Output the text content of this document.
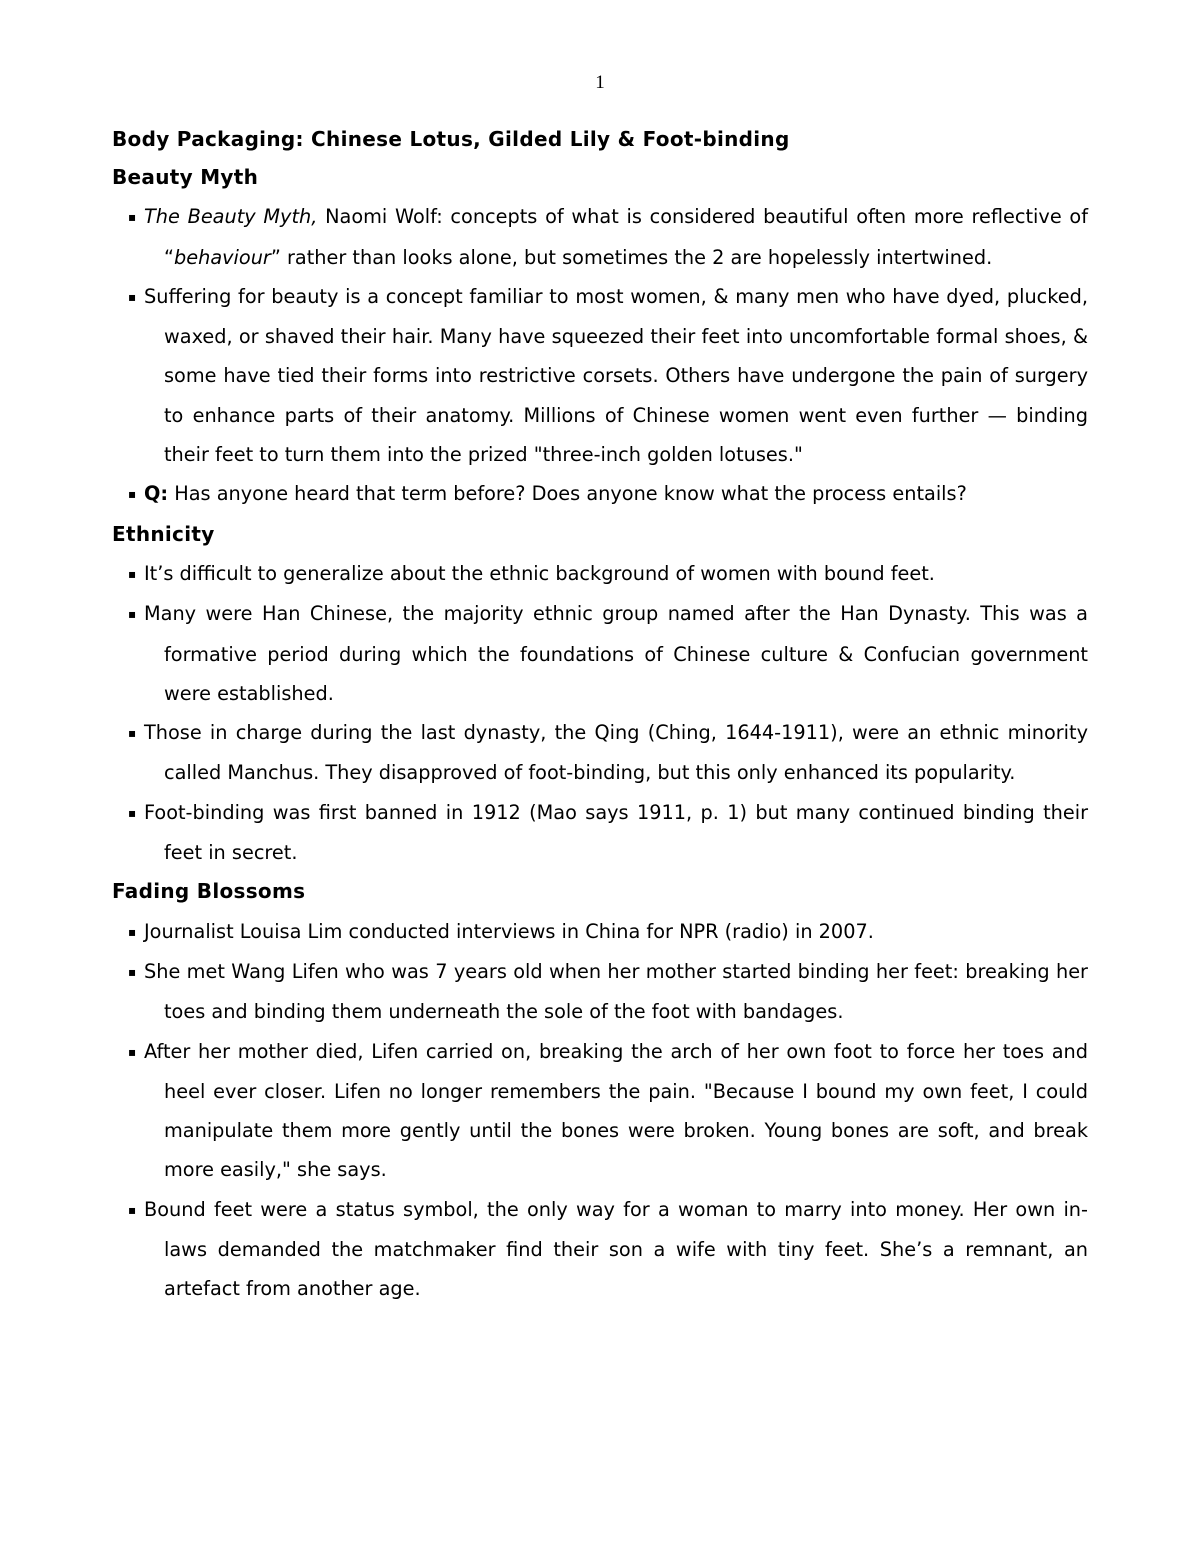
1
Body Packaging: Chinese Lotus, Gilded Lily & Foot-binding
Beauty Myth
▪ The Beauty Myth, Naomi Wolf: concepts of what is considered beautiful often more reflective of “behaviour” rather than looks alone, but sometimes the 2 are hopelessly intertwined.
▪ Suffering for beauty is a concept familiar to most women, & many men who have dyed, plucked, waxed, or shaved their hair. Many have squeezed their feet into uncomfortable formal shoes, & some have tied their forms into restrictive corsets. Others have undergone the pain of surgery to enhance parts of their anatomy. Millions of Chinese women went even further — binding their feet to turn them into the prized "three-inch golden lotuses."
▪ Q: Has anyone heard that term before? Does anyone know what the process entails?
Ethnicity
▪ It’s difficult to generalize about the ethnic background of women with bound feet.
▪ Many were Han Chinese, the majority ethnic group named after the Han Dynasty. This was a formative period during which the foundations of Chinese culture & Confucian government were established.
▪ Those in charge during the last dynasty, the Qing (Ching, 1644-1911), were an ethnic minority called Manchus. They disapproved of foot-binding, but this only enhanced its popularity.
▪ Foot-binding was first banned in 1912 (Mao says 1911, p. 1) but many continued binding their feet in secret.
Fading Blossoms
▪ Journalist Louisa Lim conducted interviews in China for NPR (radio) in 2007.
▪ She met Wang Lifen who was 7 years old when her mother started binding her feet: breaking her toes and binding them underneath the sole of the foot with bandages.
▪ After her mother died, Lifen carried on, breaking the arch of her own foot to force her toes and heel ever closer. Lifen no longer remembers the pain. "Because I bound my own feet, I could manipulate them more gently until the bones were broken. Young bones are soft, and break more easily," she says.
▪ Bound feet were a status symbol, the only way for a woman to marry into money. Her own in-laws demanded the matchmaker find their son a wife with tiny feet. She’s a remnant, an artefact from another age.
